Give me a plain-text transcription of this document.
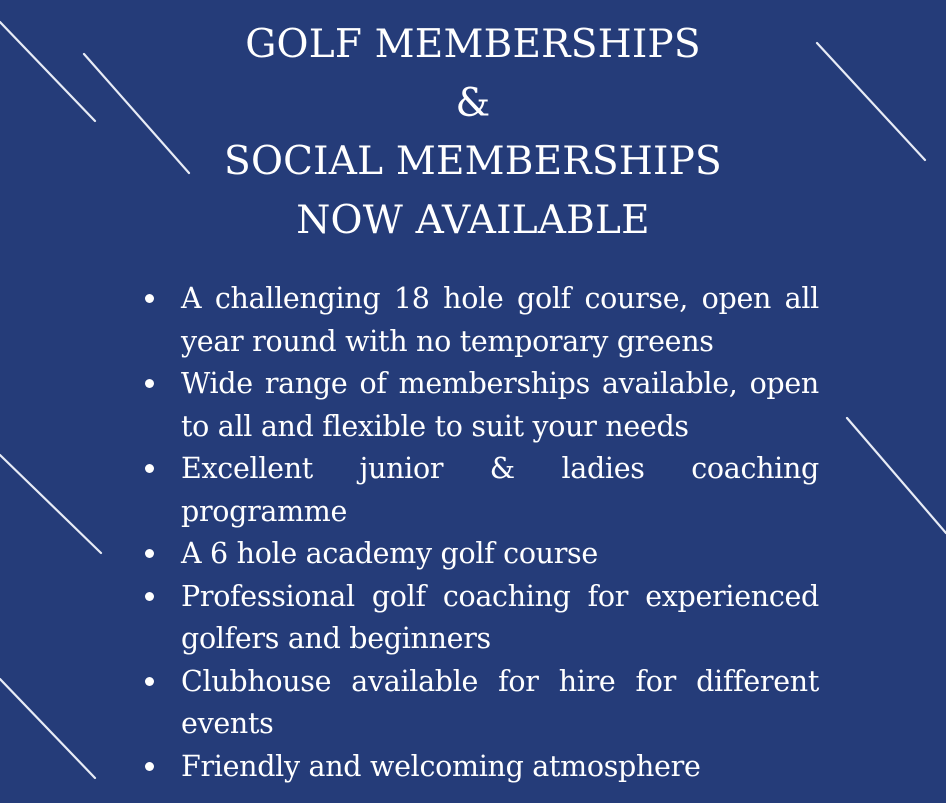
GOLF MEMBERSHIPS
&
SOCIAL MEMBERSHIPS
NOW AVAILABLE
A challenging 18 hole golf course, open all year round with no temporary greens
Wide range of memberships available, open to all and flexible to suit your needs
Excellent junior & ladies coaching programme
A 6 hole academy golf course
Professional golf coaching for experienced golfers and beginners
Clubhouse available for hire for different events
Friendly and welcoming atmosphere
